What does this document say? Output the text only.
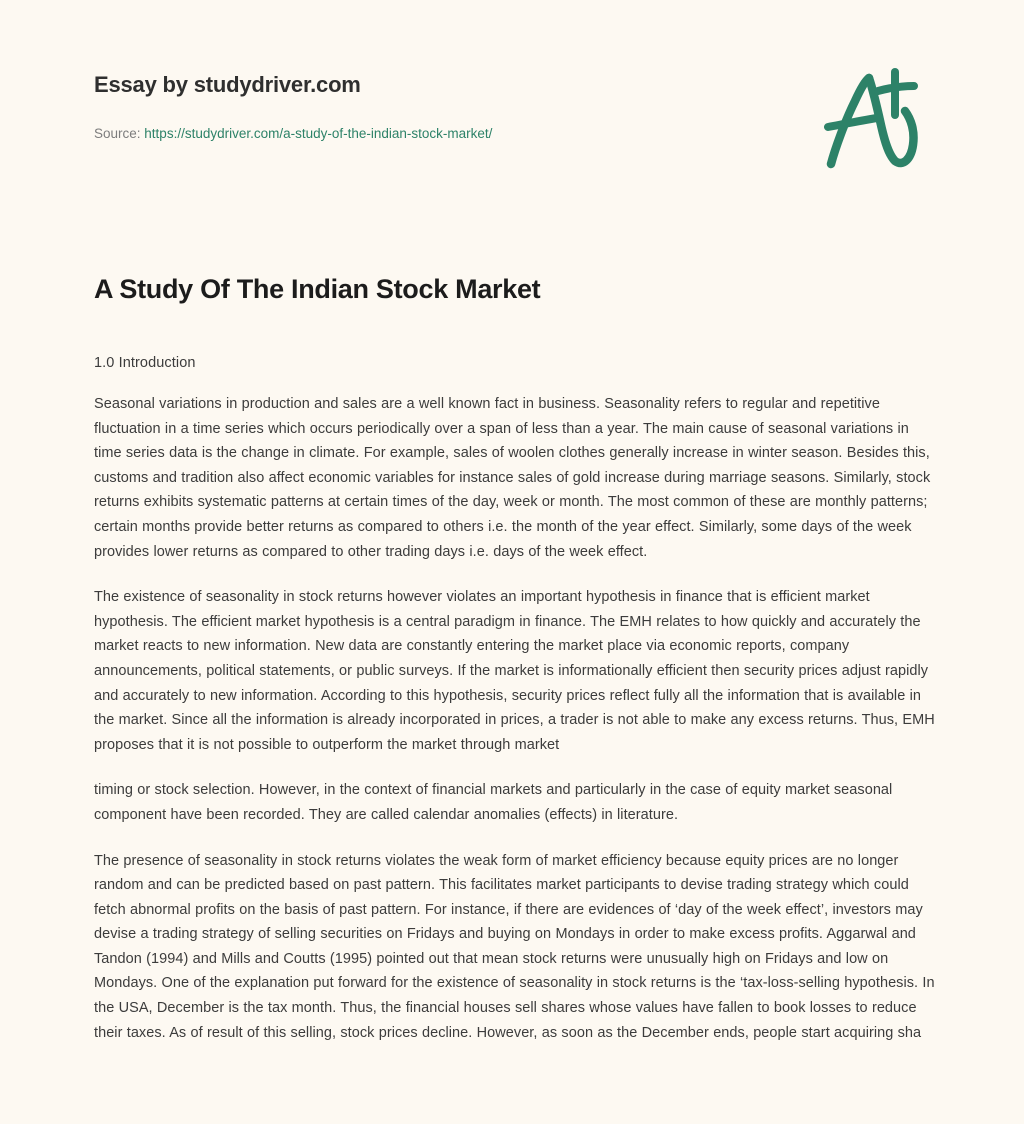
Essay by studydriver.com
Source: https://studydriver.com/a-study-of-the-indian-stock-market/
A Study Of The Indian Stock Market

1.0 Introduction

Seasonal variations in production and sales are a well known fact in business. Seasonality refers to regular and repetitive fluctuation in a time series which occurs periodically over a span of less than a year. The main cause of seasonal variations in time series data is the change in climate. For example, sales of woolen clothes generally increase in winter season. Besides this, customs and tradition also affect economic variables for instance sales of gold increase during marriage seasons. Similarly, stock returns exhibits systematic patterns at certain times of the day, week or month. The most common of these are monthly patterns; certain months provide better returns as compared to others i.e. the month of the year effect. Similarly, some days of the week provides lower returns as compared to other trading days i.e. days of the week effect.

The existence of seasonality in stock returns however violates an important hypothesis in finance that is efficient market hypothesis. The efficient market hypothesis is a central paradigm in finance. The EMH relates to how quickly and accurately the market reacts to new information. New data are constantly entering the market place via economic reports, company announcements, political statements, or public surveys. If the market is informationally efficient then security prices adjust rapidly and accurately to new information. According to this hypothesis, security prices reflect fully all the information that is available in the market. Since all the information is already incorporated in prices, a trader is not able to make any excess returns. Thus, EMH proposes that it is not possible to outperform the market through market

timing or stock selection. However, in the context of financial markets and particularly in the case of equity market seasonal component have been recorded. They are called calendar anomalies (effects) in literature.

The presence of seasonality in stock returns violates the weak form of market efficiency because equity prices are no longer random and can be predicted based on past pattern. This facilitates market participants to devise trading strategy which could fetch abnormal profits on the basis of past pattern. For instance, if there are evidences of ‘day of the week effect’, investors may devise a trading strategy of selling securities on Fridays and buying on Mondays in order to make excess profits. Aggarwal and Tandon (1994) and Mills and Coutts (1995) pointed out that mean stock returns were unusually high on Fridays and low on Mondays. One of the explanation put forward for the existence of seasonality in stock returns is the ‘tax-loss-selling hypothesis. In the USA, December is the tax month. Thus, the financial houses sell shares whose values have fallen to book losses to reduce their taxes. As of result of this selling, stock prices decline. However, as soon as the December ends, people start acquiring sha
